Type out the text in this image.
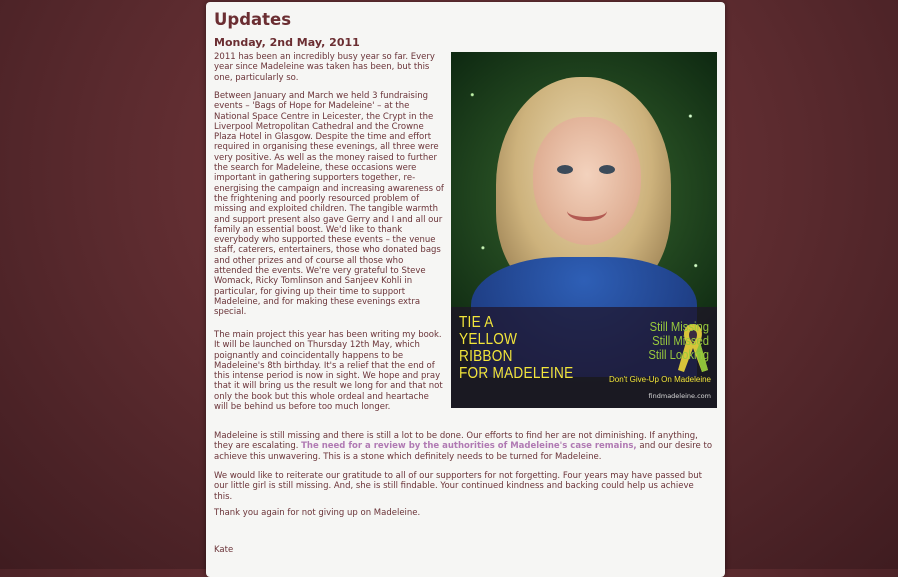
Updates
Monday, 2nd May, 2011

2011 has been an incredibly busy year so far. Every year since Madeleine was taken has been, but this one, particularly so.

Between January and March we held 3 fundraising events – 'Bags of Hope for Madeleine' – at the National Space Centre in Leicester, the Crypt in the Liverpool Metropolitan Cathedral and the Crowne Plaza Hotel in Glasgow. Despite the time and effort required in organising these evenings, all three were very positive. As well as the money raised to further the search for Madeleine, these occasions were important in gathering supporters together, re-energising the campaign and increasing awareness of the frightening and poorly resourced problem of missing and exploited children. The tangible warmth and support present also gave Gerry and I and all our family an essential boost. We'd like to thank everybody who supported these events – the venue staff, caterers, entertainers, those who donated bags and other prizes and of course all those who attended the events. We're very grateful to Steve Womack, Ricky Tomlinson and Sanjeev Kohli in particular, for giving up their time to support Madeleine, and for making these evenings extra special.

The main project this year has been writing my book. It will be launched on Thursday 12th May, which poignantly and coincidentally happens to be Madeleine's 8th birthday. It's a relief that the end of this intense period is now in sight. We hope and pray that it will bring us the result we long for and that not only the book but this whole ordeal and heartache will be behind us before too much longer.

Madeleine is still missing and there is still a lot to be done. Our efforts to find her are not diminishing. If anything, they are escalating. The need for a review by the authorities of Madeleine's case remains, and our desire to achieve this unwavering. This is a stone which definitely needs to be turned for Madeleine.

We would like to reiterate our gratitude to all of our supporters for not forgetting. Four years may have passed but our little girl is still missing. And, she is still findable. Your continued kindness and backing could help us achieve this.

Thank you again for not giving up on Madeleine.

Kate

TIE A
YELLOW
RIBBON
FOR MADELEINE
Still Missing
Still Missed
Still Looking
Don't Give-Up On Madeleine
findmadeleine.com
